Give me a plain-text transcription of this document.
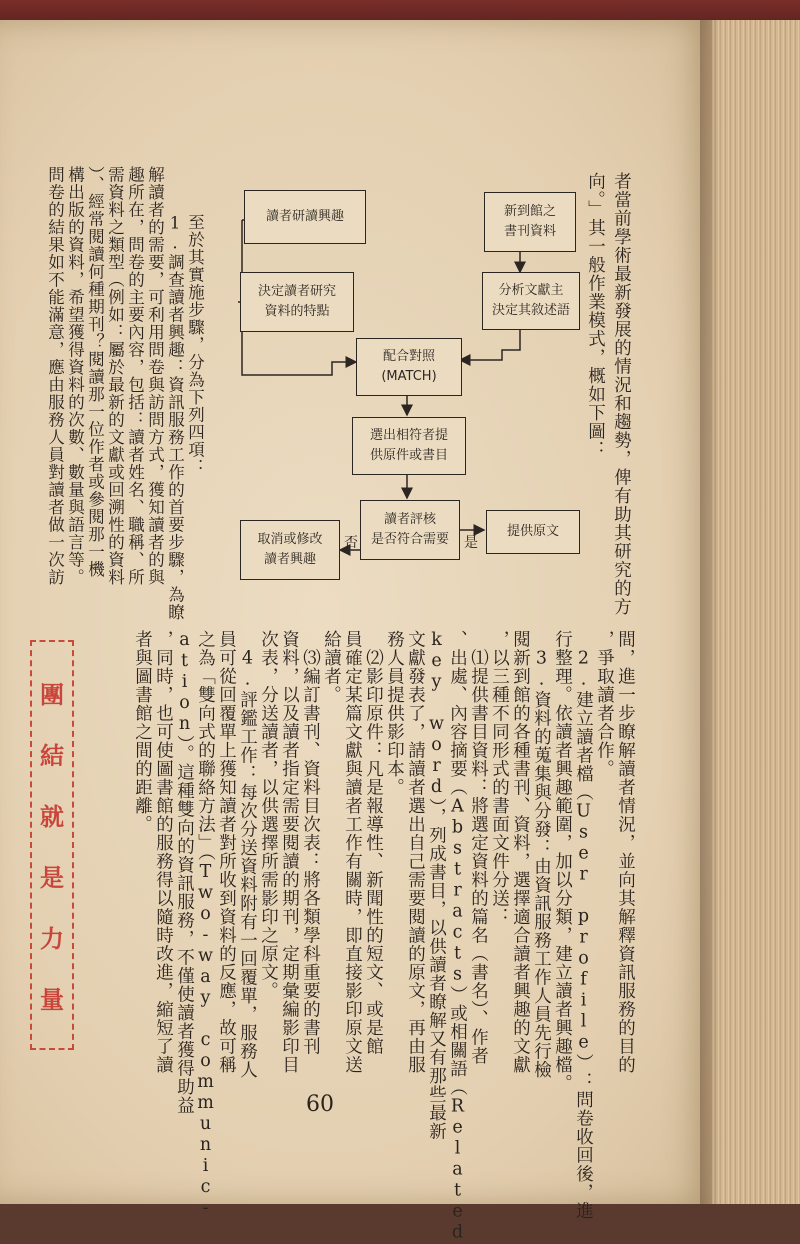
者當前學術最新發展的情況和趨勢，俾有助其研究的方
向。」其一般作業模式，概如下圖：
新到館之
書刊資料
分析文獻主
決定其敘述語
讀者研讀興趣
決定讀者研究
資料的特點
配合對照
(MATCH)
選出相符者提
供原件或書目
讀者評核
是否符合需要
取消或修改
讀者興趣
提供原文
是
否
間，進一步瞭解讀者情況，並向其解釋資訊服務的目的
，爭取讀者合作。
　2.建立讀者檔（User profile）：問卷收回後，進
行整理。依讀者興趣範圍，加以分類，建立讀者興趣檔。
　3.資料的蒐集與分發：由資訊服務工作人員先行檢
閱新到館的各種書刊、資料，選擇適合讀者興趣的文獻
，以三種不同形式的書面文件分送：
　⑴提供書目資料：將選定資料的篇名（書名）、作者
、出處、內容摘要（Abstracts）或相關語（Related
key word），列成書目，以供讀者瞭解又有那些最新
文獻發表了，請讀者選出自己需要閱讀的原文，再由服
務人員提供影印本。
　⑵影印原件：凡是報導性、新聞性的短文、或是館
員確定某篇文獻與讀者工作有關時，即直接影印原文送
給讀者。
　⑶編訂書刊、資料目次表：將各類學科重要的書刊
資料，以及讀者指定需要閱讀的期刊，定期彙編影印目
次表，分送讀者，以供選擇所需影印之原文。
　4.評鑑工作：每次分送資料附有一回覆單，服務人
員可從回覆單上獲知讀者對所收到資料的反應，故可稱
之為「雙向式的聯絡方法」（Two-way communic-
ation）。這種雙向的資訊服務，不僅使讀者獲得助益
，同時，也可使圖書館的服務得以隨時改進，縮短了讀
者與圖書館之間的距離。
　至於其實施步驟，分為下列四項：
　1.調查讀者興趣：資訊服務工作的首要步驟，為瞭
解讀者的需要，可利用問卷與訪問方式，獲知讀者的與
趣所在，問卷的主要內容，包括：讀者姓名、職稱、所
需資料之類型（例如：屬於最新的文獻或回溯性的資料
）、經常閱讀何種期刊？閱讀那一位作者或參閱那一機
構出版的資料，希望獲得資料的次數、數量與語言等。
問卷的結果如不能滿意，應由服務人員對讀者做一次訪
團
結
就
是
力
量
60
